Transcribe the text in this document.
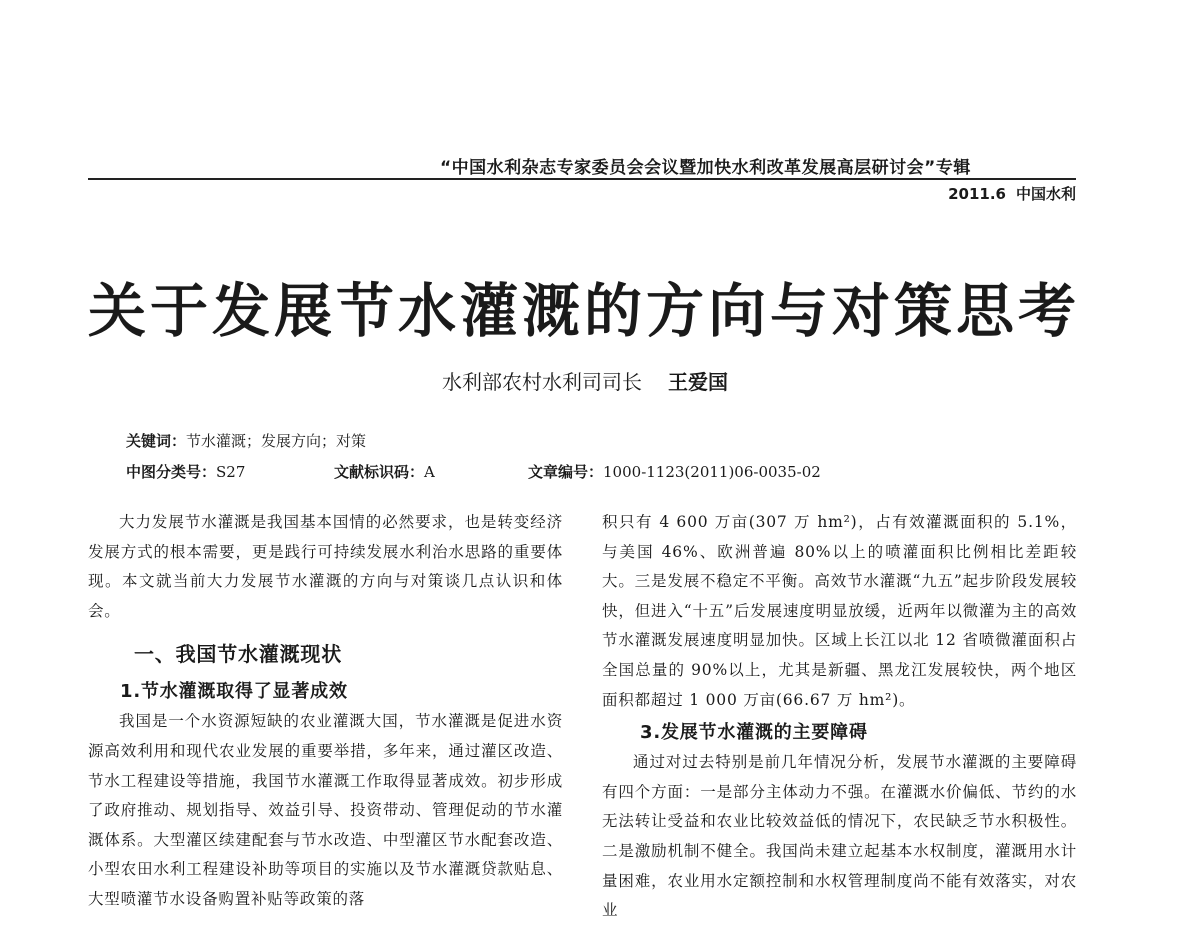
“中国水利杂志专家委员会会议暨加快水利改革发展高层研讨会”专辑
2011.6 中国水利
关于发展节水灌溉的方向与对策思考
水利部农村水利司司长 王爱国
关键词：节水灌溉；发展方向；对策
中图分类号：S27	文献标识码：A	文章编号：1000-1123(2011)06-0035-02

大力发展节水灌溉是我国基本国情的必然要求，也是转变经济发展方式的根本需要，更是践行可持续发展水利治水思路的重要体现。本文就当前大力发展节水灌溉的方向与对策谈几点认识和体会。

一、我国节水灌溉现状
1.节水灌溉取得了显著成效

我国是一个水资源短缺的农业灌溉大国，节水灌溉是促进水资源高效利用和现代农业发展的重要举措，多年来，通过灌区改造、节水工程建设等措施，我国节水灌溉工作取得显著成效。初步形成了政府推动、规划指导、效益引导、投资带动、管理促动的节水灌溉体系。大型灌区续建配套与节水改造、中型灌区节水配套改造、小型农田水利工程建设补助等项目的实施以及节水灌溉贷款贴息、大型喷灌节水设备购置补贴等政策的落

积只有 4 600 万亩(307 万 hm²)，占有效灌溉面积的 5.1%，与美国 46%、欧洲普遍 80%以上的喷灌面积比例相比差距较大。三是发展不稳定不平衡。高效节水灌溉“九五”起步阶段发展较快，但进入“十五”后发展速度明显放缓，近两年以微灌为主的高效节水灌溉发展速度明显加快。区域上长江以北 12 省喷微灌面积占全国总量的 90%以上，尤其是新疆、黑龙江发展较快，两个地区面积都超过 1 000 万亩(66.67 万 hm²)。

3.发展节水灌溉的主要障碍

通过对过去特别是前几年情况分析，发展节水灌溉的主要障碍有四个方面：一是部分主体动力不强。在灌溉水价偏低、节约的水无法转让受益和农业比较效益低的情况下，农民缺乏节水积极性。二是激励机制不健全。我国尚未建立起基本水权制度，灌溉用水计量困难，农业用水定额控制和水权管理制度尚不能有效落实，对农业
